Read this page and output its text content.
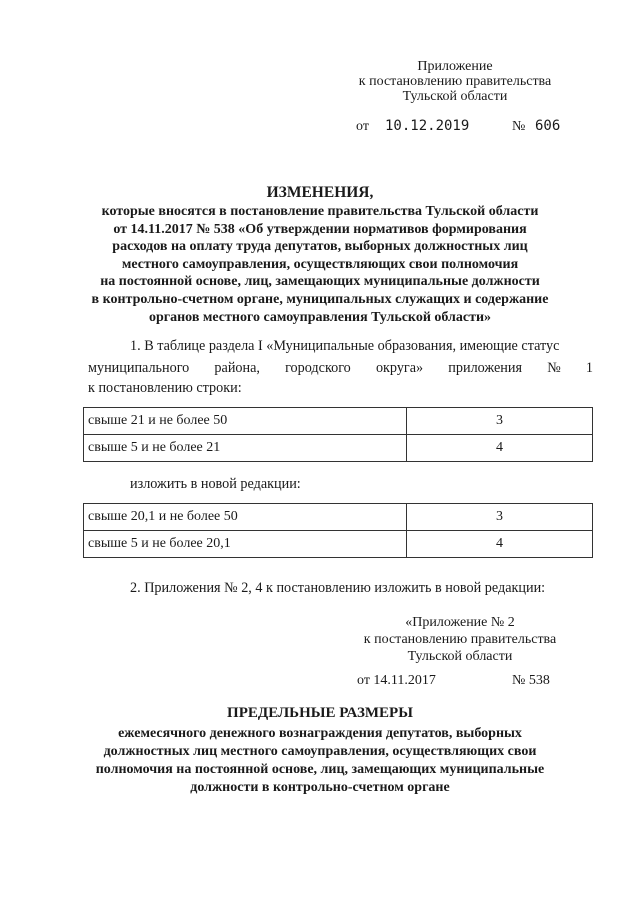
Приложение
к постановлению правительства
Тульской области
от 10.12.2019	№ 606
ИЗМЕНЕНИЯ,
которые вносятся в постановление правительства Тульской области
от 14.11.2017 № 538 «Об утверждении нормативов формирования
расходов на оплату труда депутатов, выборных должностных лиц
местного самоуправления, осуществляющих свои полномочия
на постоянной основе, лиц, замещающих муниципальные должности
в контрольно-счетном органе, муниципальных служащих и содержание
органов местного самоуправления Тульской области»
1. В таблице раздела I «Муниципальные образования, имеющие статус
муниципального района, городского округа» приложения № 1
к постановлению строки:
свыше 21 и не более 50	3
свыше 5 и не более 21	4
изложить в новой редакции:
свыше 20,1 и не более 50	3
свыше 5 и не более 20,1	4
2. Приложения № 2, 4 к постановлению изложить в новой редакции:
«Приложение № 2
к постановлению правительства
Тульской области
от 14.11.2017	№ 538
ПРЕДЕЛЬНЫЕ РАЗМЕРЫ
ежемесячного денежного вознаграждения депутатов, выборных
должностных лиц местного самоуправления, осуществляющих свои
полномочия на постоянной основе, лиц, замещающих муниципальные
должности в контрольно-счетном органе
